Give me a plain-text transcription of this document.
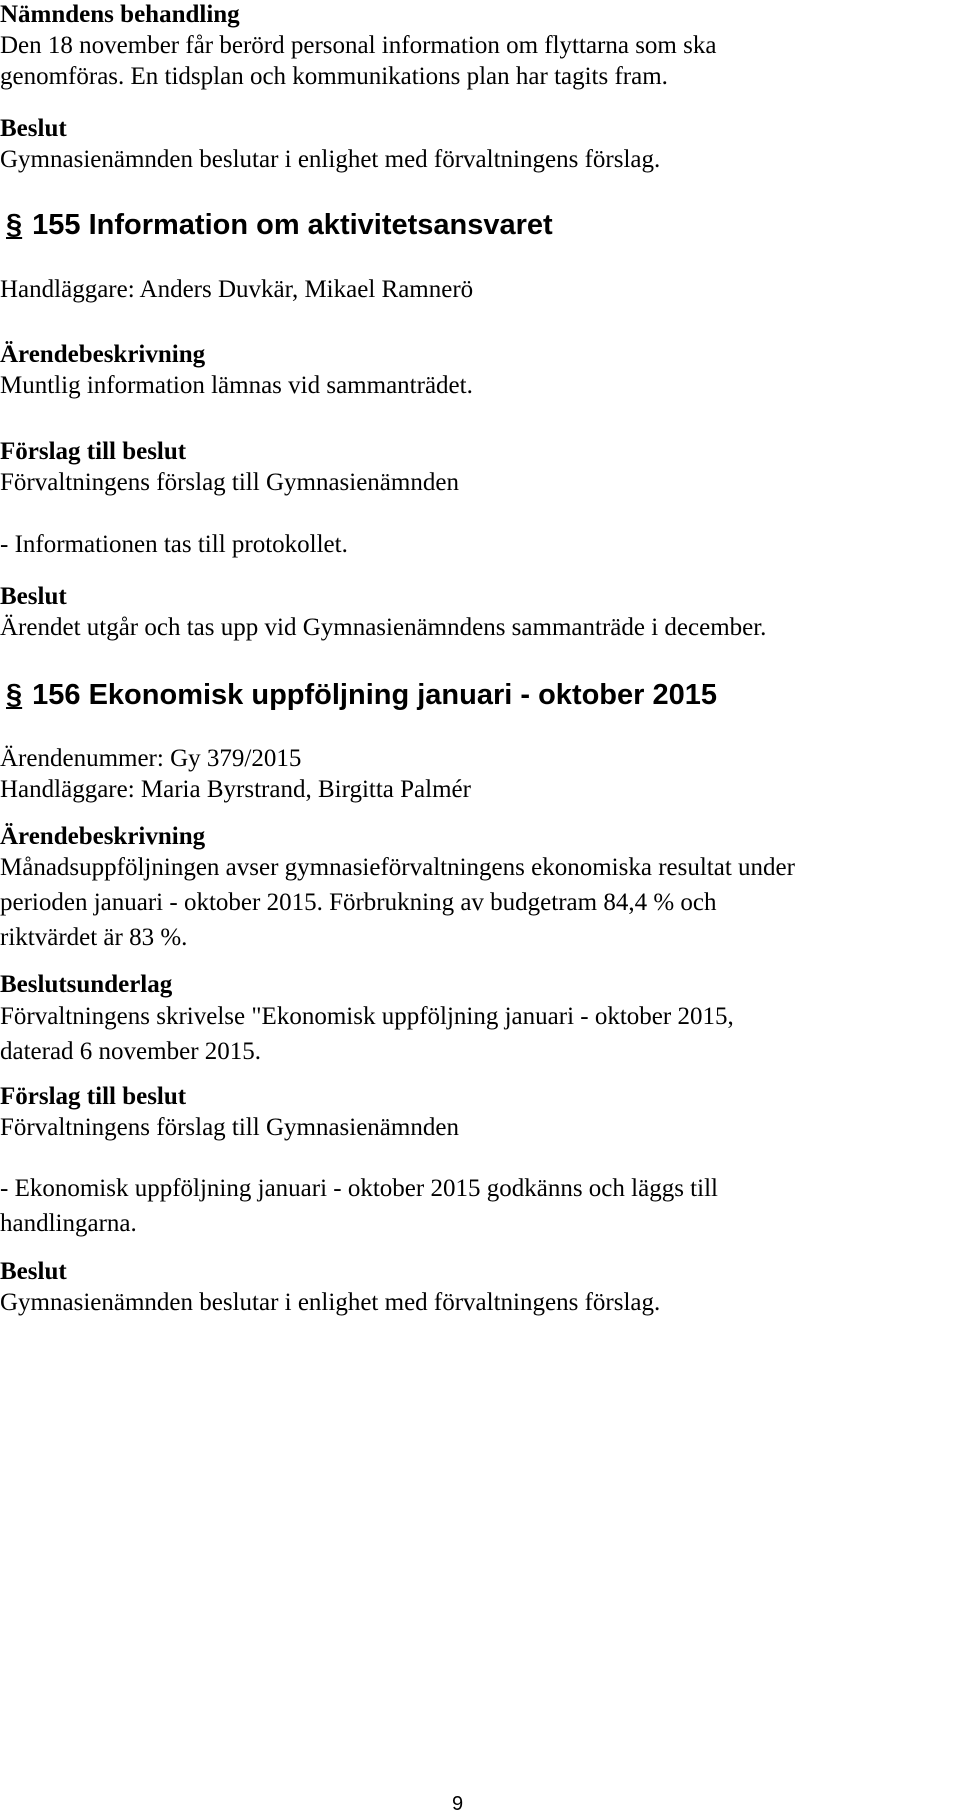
Nämndens behandling
Den 18 november får berörd personal information om flyttarna som ska
genomföras. En tidsplan och kommunikations plan har tagits fram.
Beslut
Gymnasienämnden beslutar i enlighet med förvaltningens förslag.
§ 155 Information om aktivitetsansvaret
Handläggare: Anders Duvkär, Mikael Ramnerö
Ärendebeskrivning
Muntlig information lämnas vid sammanträdet.
Förslag till beslut
Förvaltningens förslag till Gymnasienämnden
- Informationen tas till protokollet.
Beslut
Ärendet utgår och tas upp vid Gymnasienämndens sammanträde i december.
§ 156 Ekonomisk uppföljning januari - oktober 2015
Ärendenummer: Gy 379/2015
Handläggare: Maria Byrstrand, Birgitta Palmér
Ärendebeskrivning
Månadsuppföljningen avser gymnasieförvaltningens ekonomiska resultat under
perioden januari - oktober 2015. Förbrukning av budgetram 84,4 % och
riktvärdet är 83 %.
Beslutsunderlag
Förvaltningens skrivelse "Ekonomisk uppföljning januari - oktober 2015,
daterad 6 november 2015.
Förslag till beslut
Förvaltningens förslag till Gymnasienämnden
- Ekonomisk uppföljning januari - oktober 2015 godkänns och läggs till
handlingarna.
Beslut
Gymnasienämnden beslutar i enlighet med förvaltningens förslag.
9
